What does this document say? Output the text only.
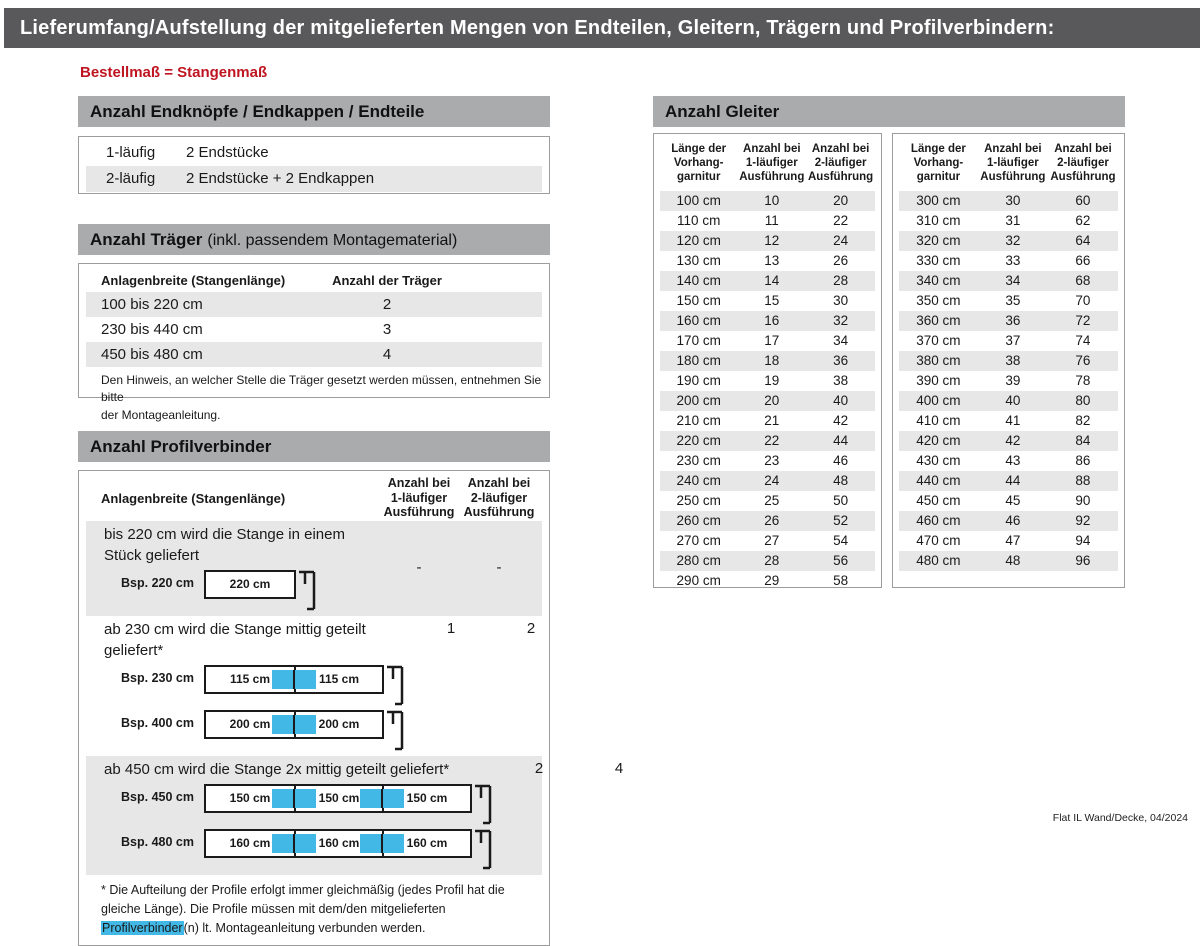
Lieferumfang/Aufstellung der mitgelieferten Mengen von Endteilen, Gleitern, Trägern und Profilverbindern:
Bestellmaß = Stangenmaß
Anzahl Endknöpfe / Endkappen / Endteile
1-läufig	2 Endstücke
2-läufig	2 Endstücke + 2 Endkappen
Anzahl Träger (inkl. passendem Montagematerial)
Anlagenbreite (Stangenlänge)	Anzahl der Träger
100 bis 220 cm	2
230 bis 440 cm	3
450 bis 480 cm	4
Den Hinweis, an welcher Stelle die Träger gesetzt werden müssen, entnehmen Sie bitte
der Montageanleitung.
Anzahl Profilverbinder
Anlagenbreite (Stangenlänge)
Anzahl bei
1-läufiger
Ausführung
Anzahl bei
2-läufiger
Ausführung
bis 220 cm wird die Stange in einem Stück geliefert
Bsp. 220 cm	220 cm
-	-
ab 230 cm wird die Stange mittig geteilt geliefert*
Bsp. 230 cm	115 cm	115 cm
Bsp. 400 cm	200 cm	200 cm
1	2
ab 450 cm wird die Stange 2x mittig geteilt geliefert*
Bsp. 450 cm	150 cm	150 cm	150 cm
Bsp. 480 cm	160 cm	160 cm	160 cm
2	4
* Die Aufteilung der Profile erfolgt immer gleichmäßig (jedes Profil hat die gleiche Länge). Die Profile müssen mit dem/den mitgelieferten Profilverbinder(n) lt. Montageanleitung verbunden werden.
Anzahl Gleiter
Länge der
Vorhang-
garnitur
Anzahl bei
1-läufiger
Ausführung
Anzahl bei
2-läufiger
Ausführung
100 cm	10	20
110 cm	11	22
120 cm	12	24
130 cm	13	26
140 cm	14	28
150 cm	15	30
160 cm	16	32
170 cm	17	34
180 cm	18	36
190 cm	19	38
200 cm	20	40
210 cm	21	42
220 cm	22	44
230 cm	23	46
240 cm	24	48
250 cm	25	50
260 cm	26	52
270 cm	27	54
280 cm	28	56
290 cm	29	58
Länge der
Vorhang-
garnitur
Anzahl bei
1-läufiger
Ausführung
Anzahl bei
2-läufiger
Ausführung
300 cm	30	60
310 cm	31	62
320 cm	32	64
330 cm	33	66
340 cm	34	68
350 cm	35	70
360 cm	36	72
370 cm	37	74
380 cm	38	76
390 cm	39	78
400 cm	40	80
410 cm	41	82
420 cm	42	84
430 cm	43	86
440 cm	44	88
450 cm	45	90
460 cm	46	92
470 cm	47	94
480 cm	48	96
Flat IL Wand/Decke, 04/2024
